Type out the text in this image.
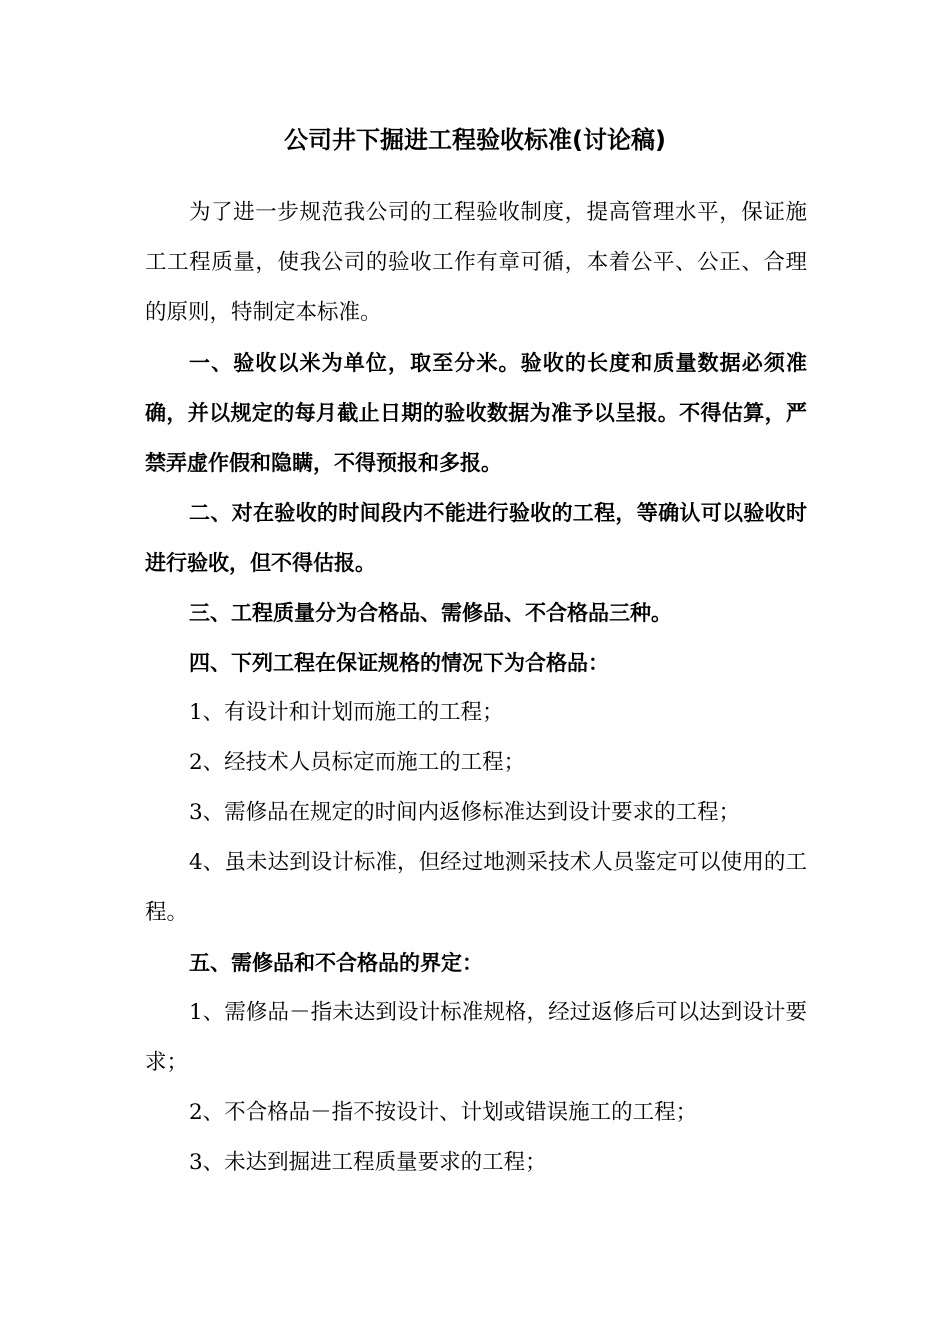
公司井下掘进工程验收标准(讨论稿)

为了进一步规范我公司的工程验收制度，提高管理水平，保证施工工程质量，使我公司的验收工作有章可循，本着公平、公正、合理的原则，特制定本标准。

一、验收以米为单位，取至分米。验收的长度和质量数据必须准确，并以规定的每月截止日期的验收数据为准予以呈报。不得估算，严禁弄虚作假和隐瞒，不得预报和多报。

二、对在验收的时间段内不能进行验收的工程，等确认可以验收时进行验收，但不得估报。

三、工程质量分为合格品、需修品、不合格品三种。

四、下列工程在保证规格的情况下为合格品：

1、有设计和计划而施工的工程；

2、经技术人员标定而施工的工程；

3、需修品在规定的时间内返修标准达到设计要求的工程；

4、虽未达到设计标准，但经过地测采技术人员鉴定可以使用的工程。

五、需修品和不合格品的界定：

1、需修品－指未达到设计标准规格，经过返修后可以达到设计要求；

2、不合格品－指不按设计、计划或错误施工的工程；

3、未达到掘进工程质量要求的工程；
